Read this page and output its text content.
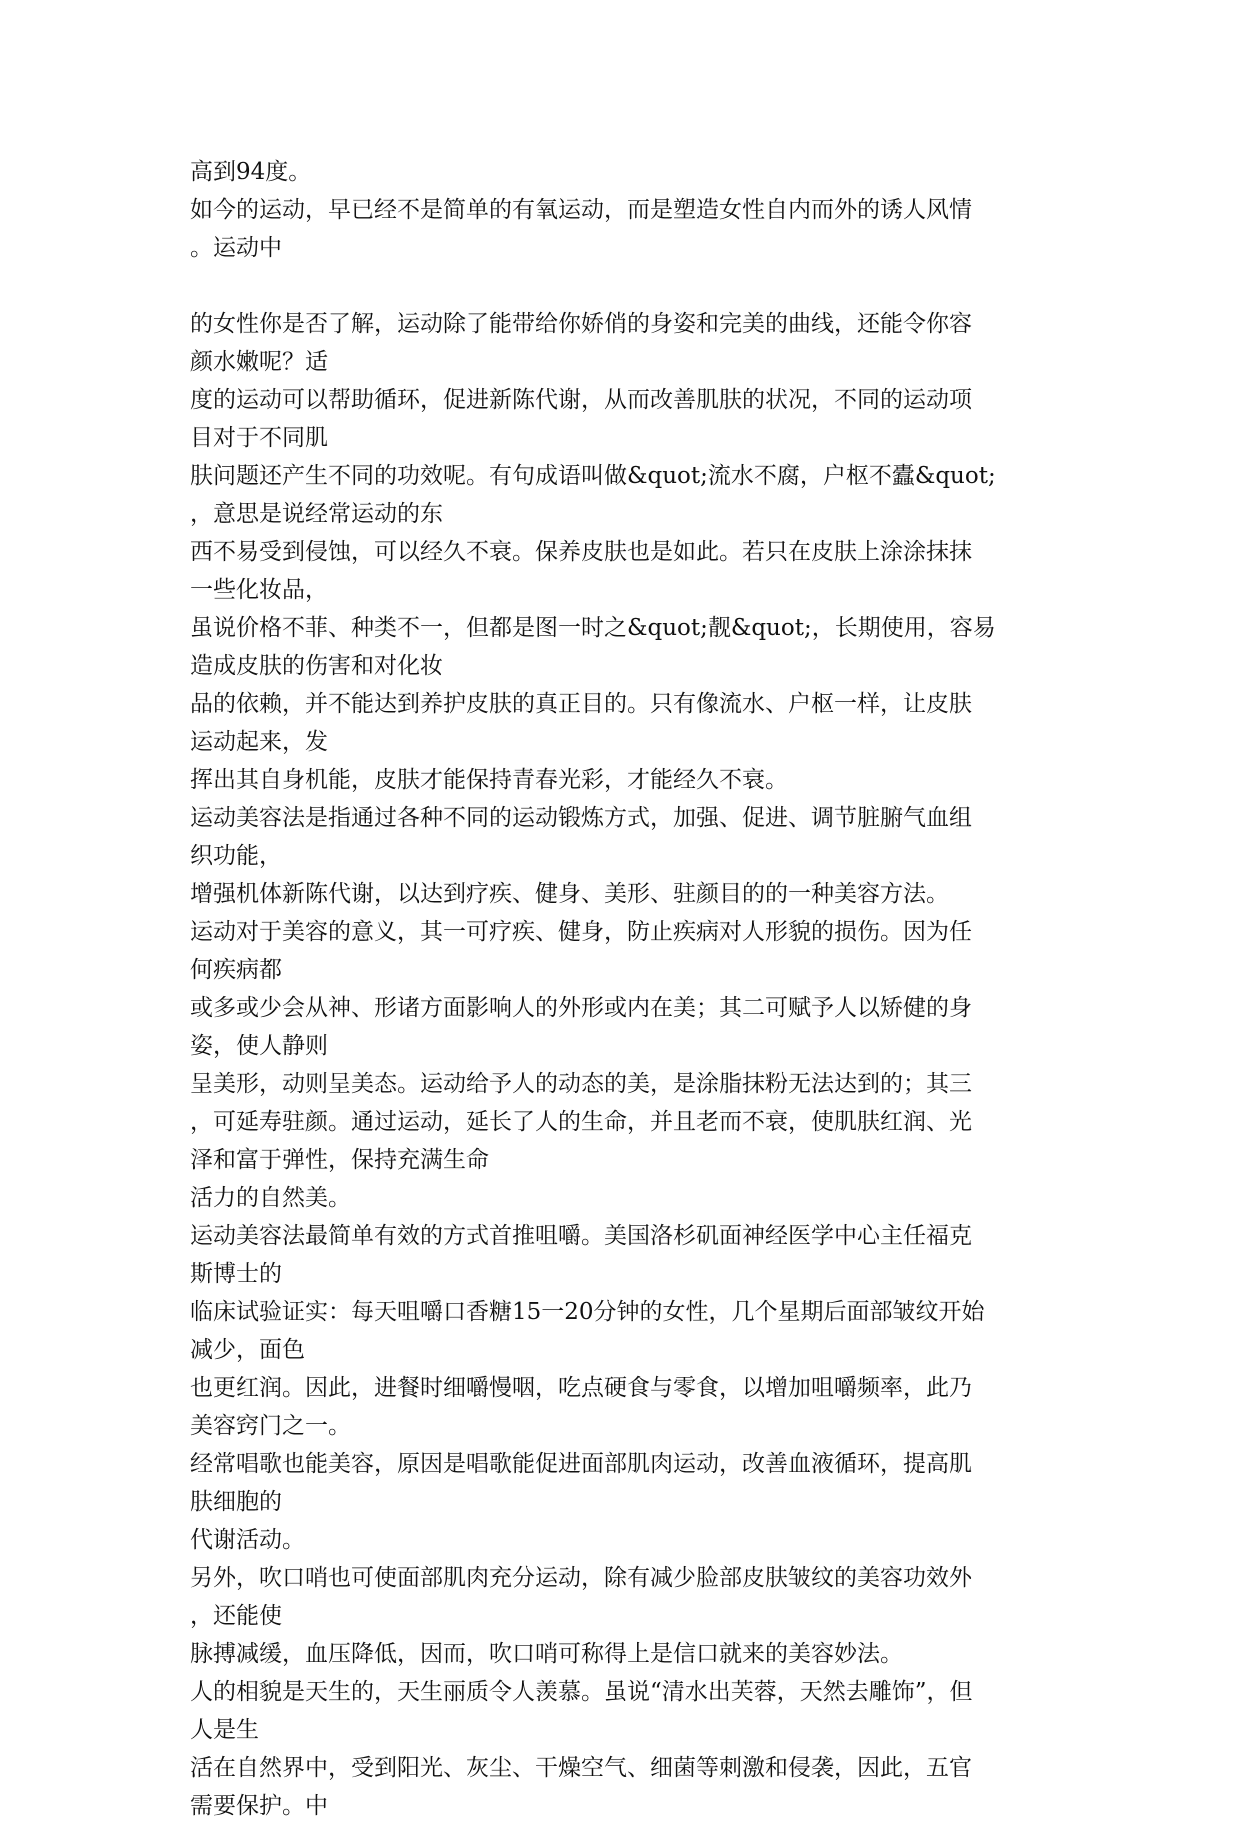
高到94度。
如今的运动，早已经不是简单的有氧运动，而是塑造女性自内而外的诱人风情
。运动中
的女性你是否了解，运动除了能带给你娇俏的身姿和完美的曲线，还能令你容
颜水嫩呢？适
度的运动可以帮助循环，促进新陈代谢，从而改善肌肤的状况，不同的运动项
目对于不同肌
肤问题还产生不同的功效呢。有句成语叫做&quot;流水不腐，户枢不蠹&quot;
，意思是说经常运动的东
西不易受到侵蚀，可以经久不衰。保养皮肤也是如此。若只在皮肤上涂涂抹抹
一些化妆品，
虽说价格不菲、种类不一，但都是图一时之&quot;靓&quot;，长期使用，容易
造成皮肤的伤害和对化妆
品的依赖，并不能达到养护皮肤的真正目的。只有像流水、户枢一样，让皮肤
运动起来，发
挥出其自身机能，皮肤才能保持青春光彩，才能经久不衰。
运动美容法是指通过各种不同的运动锻炼方式，加强、促进、调节脏腑气血组
织功能，
增强机体新陈代谢，以达到疗疾、健身、美形、驻颜目的的一种美容方法。
运动对于美容的意义，其一可疗疾、健身，防止疾病对人形貌的损伤。因为任
何疾病都
或多或少会从神、形诸方面影响人的外形或内在美；其二可赋予人以矫健的身
姿，使人静则
呈美形，动则呈美态。运动给予人的动态的美，是涂脂抹粉无法达到的；其三
，可延寿驻颜。通过运动，延长了人的生命，并且老而不衰，使肌肤红润、光
泽和富于弹性，保持充满生命
活力的自然美。
运动美容法最简单有效的方式首推咀嚼。美国洛杉矶面神经医学中心主任福克
斯博士的
临床试验证实：每天咀嚼口香糖15一20分钟的女性，几个星期后面部皱纹开始
减少，面色
也更红润。因此，进餐时细嚼慢咽，吃点硬食与零食，以增加咀嚼频率，此乃
美容窍门之一。
经常唱歌也能美容，原因是唱歌能促进面部肌肉运动，改善血液循环，提高肌
肤细胞的
代谢活动。
另外，吹口哨也可使面部肌肉充分运动，除有减少脸部皮肤皱纹的美容功效外
，还能使
脉搏减缓，血压降低，因而，吹口哨可称得上是信口就来的美容妙法。
人的相貌是天生的，天生丽质令人羡慕。虽说“清水出芙蓉，天然去雕饰”，但
人是生
活在自然界中，受到阳光、灰尘、干燥空气、细菌等刺激和侵袭，因此，五官
需要保护。中
